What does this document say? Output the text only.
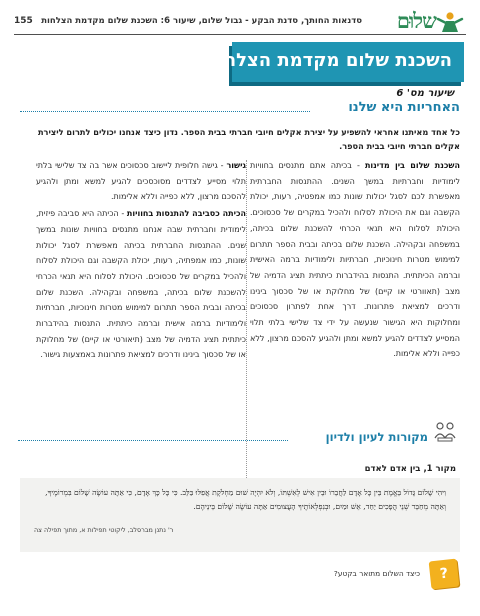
155 סדנאות החותך, סדנת הבקע - גבול שלום, שיעור 6: השכנת שלום מקדמת הצלחות שלוּם
השכנת שלום מקדמת הצלחות
שיעור מס' 6
האחריות היא שלנו

כל אחד מאיתנו אחראי להשפיע על יצירת אקלים חיובי חברתי בבית הספר. נדון כיצד אנחנו יכולים לתרום ליצירת אקלים חברתי חיובי בבית הספר.

השכנת שלום בין מדינות - בכיתה אתם מתנסים בחוויות לימודיות וחברתיות במשך השנים. ההתנסות החברתית מאפשרת לכם לסגל יכולות שונות כמו אמפטיה, רעות, יכולת הקשבה וגם את היכולת לסלוח ולהכיל במקרים של סכסוכים. היכולת לסלוח היא תנאי הכרחי להשכנת שלום בכיתה, במשפחה ובקהילה. השכנת שלום בכיתה ובבית הספר תתרום למימוש מטרות חינוכיות, חברתיות ולימודיות ברמה האישית וברמה הכיתתית. התנסות בהידברות כיתתית תציג הדמיה של מצב (תאוורטי או קיים) של מחלוקת או של סכסוך בינינו ודרכים למציאת פתרונות. דרך אחת לפתרון סכסוכים ומחלוקות היא הגישור שנעשה על ידי צד שלישי בלתי תלוי המסייע לצדדים להגיע למשא ומתן ולהגיע להסכם מרצון, ללא כפייה וללא אלימות.

גישור - גישה חלופית ליישוב סכסוכים אשר בה צד שלישי בלתי תלוי מסייע לצדדים מסוכסכים להגיע למשא ומתן ולהגיע להסכם מרצון, ללא כפייה וללא אלימות.

הכיתה כסביבה להתנסות בחוויות - הכיתה היא סביבה פיזית, לימודית וחברתית שבה אנחנו מתנסים בחוויות שונות במשך שנים. ההתנסות החברתית בכיתה מאפשרת לסגל יכולות שונות, כמו אמפתיה, רעות, יכולת הקשבה וגם היכולת לסלוח ולהכיל במקרים של סכסוכים. היכולת לסלוח היא תנאי הכרחי להשכנת שלום בכיתה, במשפחה ובקהילה. השכנת שלום בכיתה ובבית הספר תתרום למימוש מטרות חינוכיות, חברתיות ולימודיות ברמה אישית וברמה כיתתית. התנסות בהידברות כיתתית תציג הדמיה של מצב (תיאורטי או קיים) של מחלוקת או של סכסוך בינינו ודרכים למציאת פתרונות באמצעות גישור.

מקורות לעיון ולדיון
מקור 1, בין אדם לאדם

וִיהִי שָׁלוֹם גָּדוֹל בֵּאֱמֶת בֵּין כָּל אָדָם לַחֲבֵרוֹ וּבֵין אִישׁ לְאִשְׁתּוֹ, וְלֹא יִהְיֶה שׁוּם מַחְלֹקֶת אֲפִלּוּ בַּלֵּב. כִּי כָּל כָּךְ אָדָם, כִּי אַתָּה עוֹשֶׂה שָׁלוֹם בִּמְרוֹמֶיךָ, וְאַתָּה מְחַבֵּר שְׁנֵי הֲפָכִים יַחַד, אֵשׁ וּמַיִם, וּבְנִפְלְאוֹתֶיךָ הָעֲצוּמִים אַתָּה עוֹשֶׂה שָׁלוֹם בֵּינֵיהֶם.

ר' נתנן מברסלב, ליקוטי תפילות א, מתוך תפילה צה
?
כיצד השלום מתואר בקטע?
